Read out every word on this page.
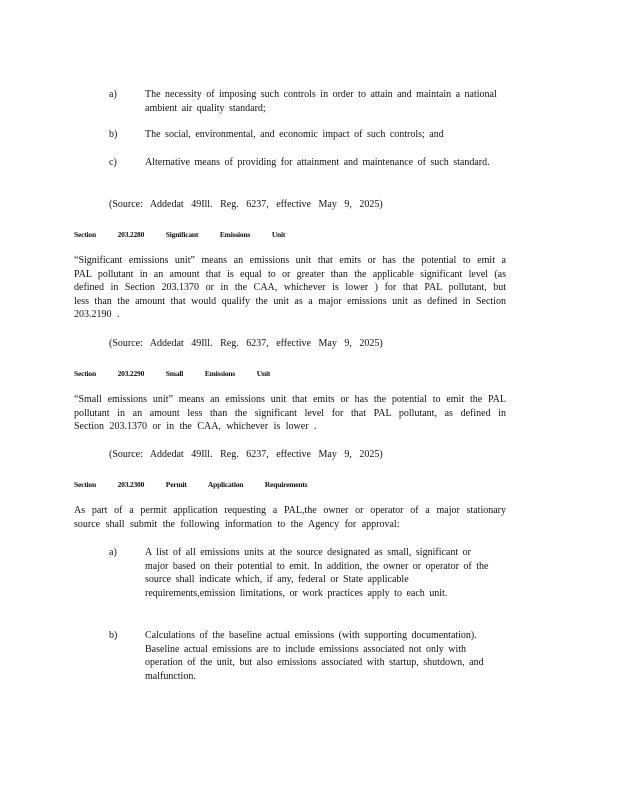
a)	The necessity of imposing such controls in order to attain and maintain a national ambient air quality standard;
b)	The social, environmental, and economic impact of such controls; and
c)	Alternative means of providing for attainment and maintenance of such standard.
(Source: Addedat 49Ill. Reg. 6237, effective May 9, 2025)
Section 203.2280 Significant Emissions Unit
“Significant emissions unit” means an emissions unit that emits or has the potential to emit a PAL pollutant in an amount that is equal to or greater than the applicable significant level (as defined in Section 203.1370 or in the CAA, whichever is lower ) for that PAL pollutant, but less than the amount that would qualify the unit as a major emissions unit as defined in Section 203.2190 .
(Source: Addedat 49Ill. Reg. 6237, effective May 9, 2025)
Section 203.2290 Small Emissions Unit
“Small emissions unit” means an emissions unit that emits or has the potential to emit the PAL pollutant in an amount less than the significant level for that PAL pollutant, as defined in Section 203.1370 or in the CAA, whichever is lower .
(Source: Addedat 49Ill. Reg. 6237, effective May 9, 2025)
Section 203.2300 Permit Application Requirements
As part of a permit application requesting a PAL,the owner or operator of a major stationary source shall submit the following information to the Agency for approval:
a)	A list of all emissions units at the source designated as small, significant or major based on their potential to emit. In addition, the owner or operator of the source shall indicate which, if any, federal or State applicable requirements,emission limitations, or work practices apply to each unit.
b)	Calculations of the baseline actual emissions (with supporting documentation). Baseline actual emissions are to include emissions associated not only with operation of the unit, but also emissions associated with startup, shutdown, and malfunction.
